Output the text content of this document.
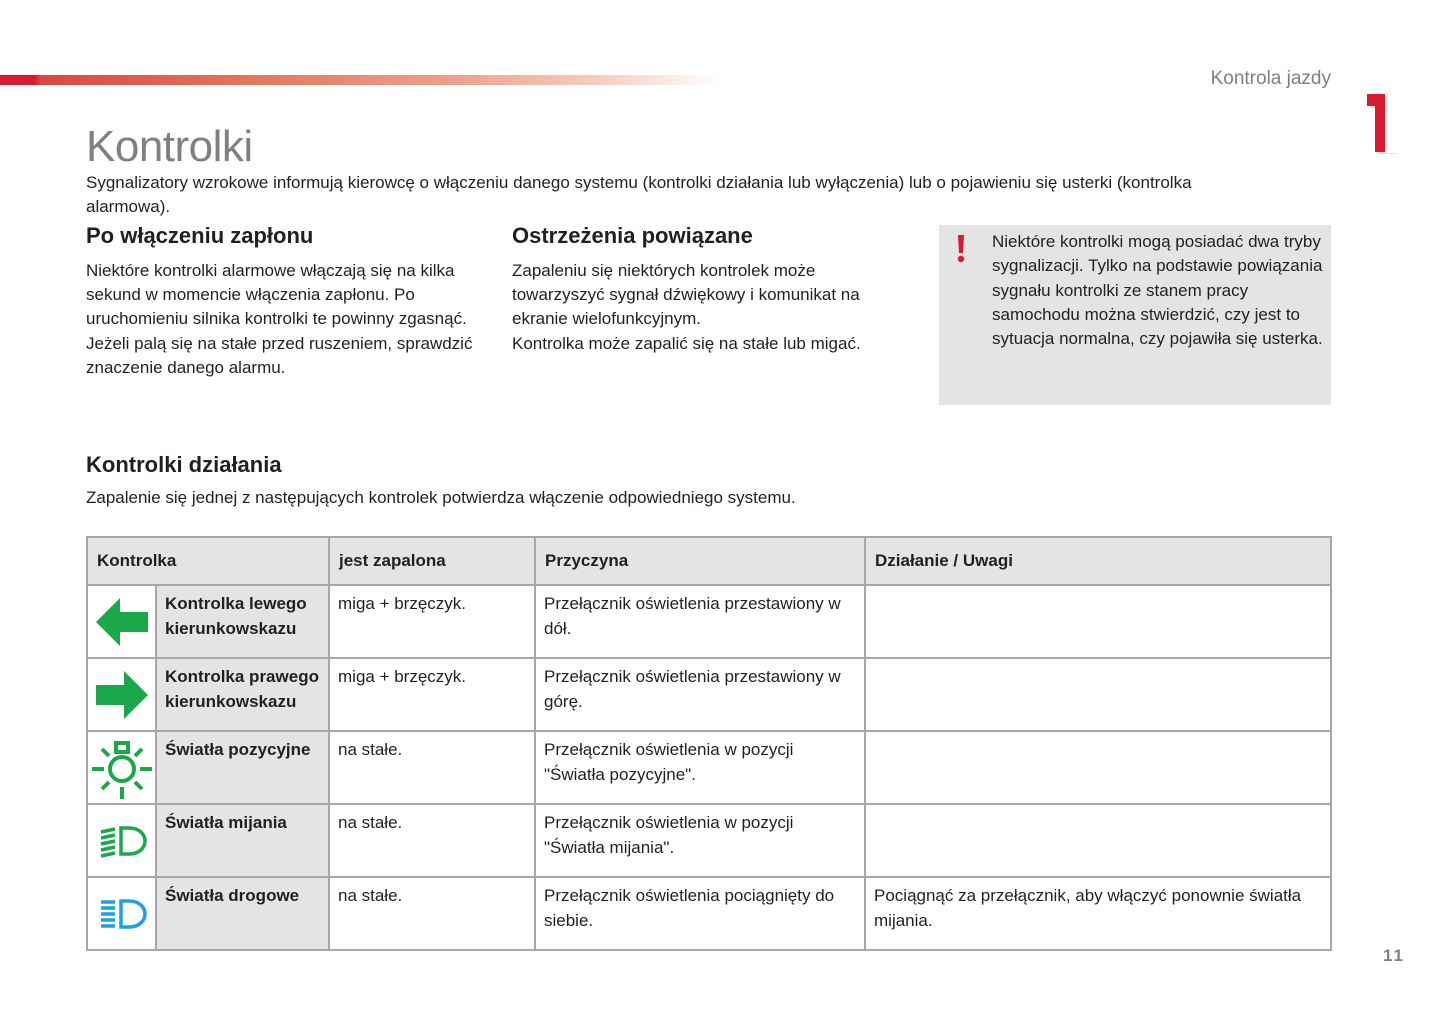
Kontrola jazdy
Kontrolki
Sygnalizatory wzrokowe informują kierowcę o włączeniu danego systemu (kontrolki działania lub wyłączenia) lub o pojawieniu się usterki (kontrolka alarmowa).
Po włączeniu zapłonu

Niektóre kontrolki alarmowe włączają się na kilka sekund w momencie włączenia zapłonu. Po uruchomieniu silnika kontrolki te powinny zgasnąć.

Jeżeli palą się na stałe przed ruszeniem, sprawdzić znaczenie danego alarmu.

Ostrzeżenia powiązane

Zapaleniu się niektórych kontrolek może towarzyszyć sygnał dźwiękowy i komunikat na ekranie wielofunkcyjnym.

Kontrolka może zapalić się na stałe lub migać.

Niektóre kontrolki mogą posiadać dwa tryby sygnalizacji. Tylko na podstawie powiązania sygnału kontrolki ze stanem pracy samochodu można stwierdzić, czy jest to sytuacja normalna, czy pojawiła się usterka.

Kontrolki działania
Zapalenie się jednej z następujących kontrolek potwierdza włączenie odpowiedniego systemu.
Kontrolka		jest zapalona	Przyczyna	Działanie / Uwagi

	Kontrolka lewego kierunkowskazu	miga + brzęczyk.	Przełącznik oświetlenia przestawiony w dół.	

	Kontrolka prawego kierunkowskazu	miga + brzęczyk.	Przełącznik oświetlenia przestawiony w górę.	

	Światła pozycyjne	na stałe.	Przełącznik oświetlenia w pozycji "Światła pozycyjne".	

	Światła mijania	na stałe.	Przełącznik oświetlenia w pozycji "Światła mijania".	

	Światła drogowe	na stałe.	Przełącznik oświetlenia pociągnięty do siebie.	Pociągnąć za przełącznik, aby włączyć ponownie światła mijania.
11
